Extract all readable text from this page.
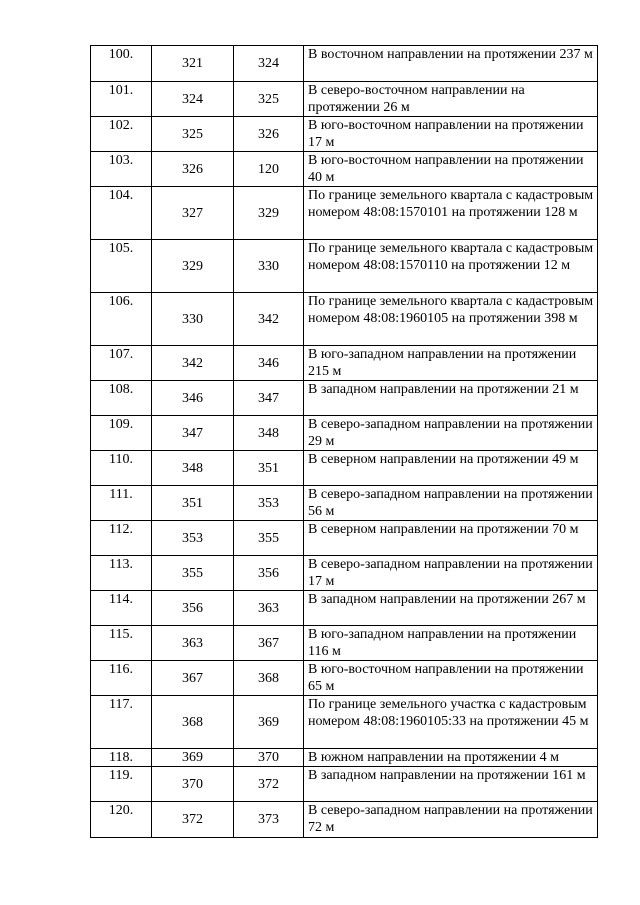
100.	321	324	В восточном направлении на протяжении 237 м
101.	324	325	В северо-восточном направлении на протяжении 26 м
102.	325	326	В юго-восточном направлении на протяжении 17 м
103.	326	120	В юго-восточном направлении на протяжении 40 м
104.	327	329	По границе земельного квартала с кадастровым номером 48:08:1570101 на протяжении 128 м
105.	329	330	По границе земельного квартала с кадастровым номером 48:08:1570110 на протяжении 12 м
106.	330	342	По границе земельного квартала с кадастровым номером 48:08:1960105 на протяжении 398 м
107.	342	346	В юго-западном направлении на протяжении 215 м
108.	346	347	В западном направлении на протяжении 21 м
109.	347	348	В северо-западном направлении на протяжении 29 м
110.	348	351	В северном направлении на протяжении 49 м
111.	351	353	В северо-западном направлении на протяжении 56 м
112.	353	355	В северном направлении на протяжении 70 м
113.	355	356	В северо-западном направлении на протяжении 17 м
114.	356	363	В западном направлении на протяжении 267 м
115.	363	367	В юго-западном направлении на протяжении 116 м
116.	367	368	В юго-восточном направлении на протяжении 65 м
117.	368	369	По границе земельного участка с кадастровым номером 48:08:1960105:33 на протяжении 45 м
118.	369	370	В южном направлении на протяжении 4 м
119.	370	372	В западном направлении на протяжении 161 м
120.	372	373	В северо-западном направлении на протяжении 72 м
